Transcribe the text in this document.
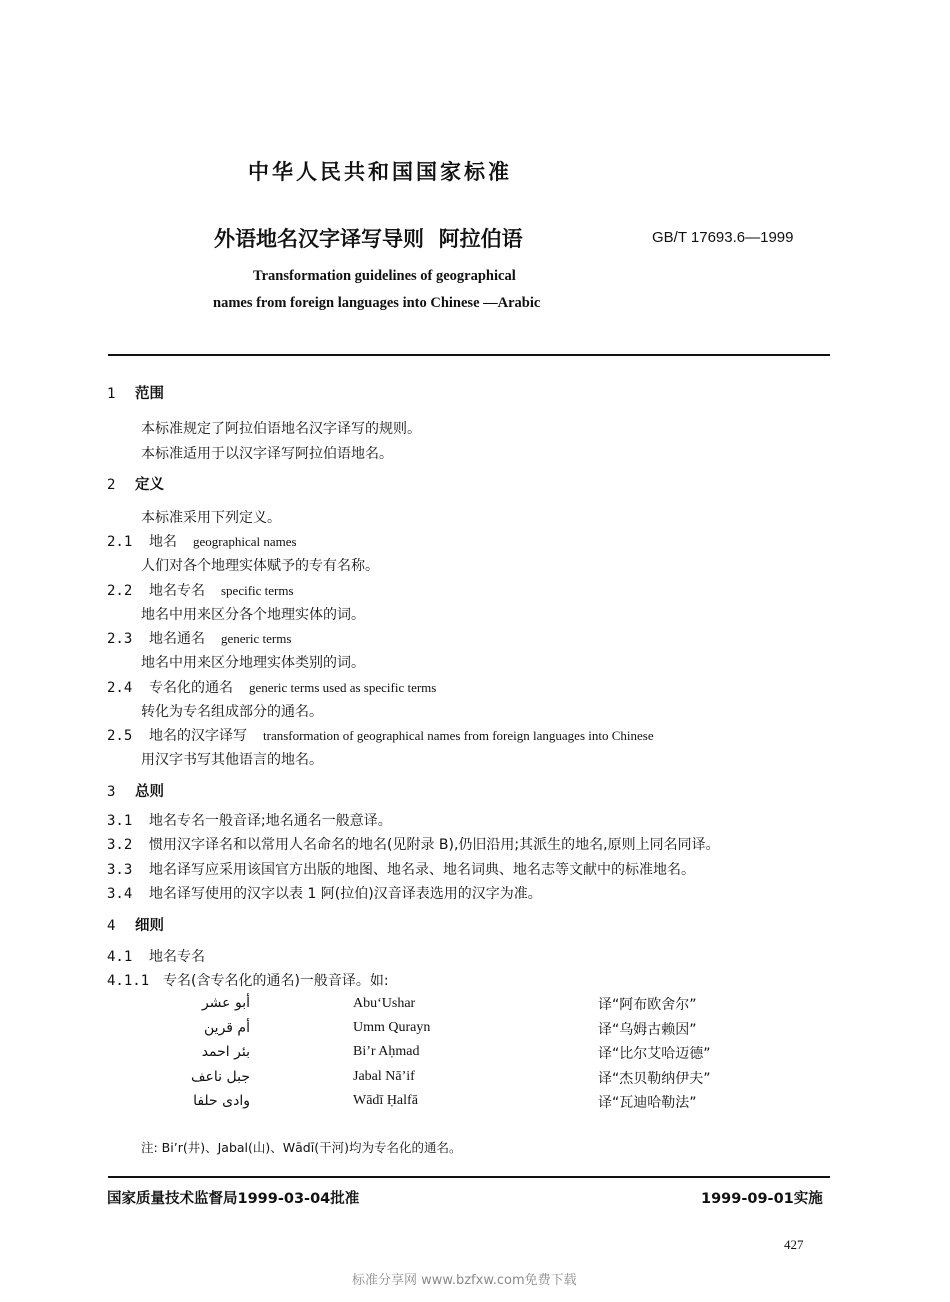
中华人民共和国国家标准
外语地名汉字译写导则  阿拉伯语	GB/T 17693.6—1999
Transformation guidelines of geographical
names from foreign languages into Chinese —Arabic
1 范围
本标准规定了阿拉伯语地名汉字译写的规则。
本标准适用于以汉字译写阿拉伯语地名。
2 定义
本标准采用下列定义。
2.1 地名 geographical names
人们对各个地理实体赋予的专有名称。
2.2 地名专名 specific terms
地名中用来区分各个地理实体的词。
2.3 地名通名 generic terms
地名中用来区分地理实体类别的词。
2.4 专名化的通名 generic terms used as specific terms
转化为专名组成部分的通名。
2.5 地名的汉字译写 transformation of geographical names from foreign languages into Chinese
用汉字书写其他语言的地名。
3 总则
3.1 地名专名一般音译;地名通名一般意译。
3.2 惯用汉字译名和以常用人名命名的地名(见附录 B),仍旧沿用;其派生的地名,原则上同名同译。
3.3 地名译写应采用该国官方出版的地图、地名录、地名词典、地名志等文献中的标准地名。
3.4 地名译写使用的汉字以表 1 阿(拉伯)汉音译表选用的汉字为准。
4 细则
4.1 地名专名
4.1.1 专名(含专名化的通名)一般音译。如:
أبو عشر	Abu‘Ushar	译“阿布欧舍尔”
أم قرين	Umm Qurayn	译“乌姆古赖因”
بئر احمد	Bi’r Aḥmad	译“比尔艾哈迈德”
جبل ناعف	Jabal Nā’if	译“杰贝勒纳伊夫”
وادى حلفا	Wādī Ḥalfā	译“瓦迪哈勒法”
注: Bi’r(井)、Jabal(山)、Wādī(干河)均为专名化的通名。
国家质量技术监督局1999-03-04批准	1999-09-01实施
427
标准分享网 www.bzfxw.com免费下载
